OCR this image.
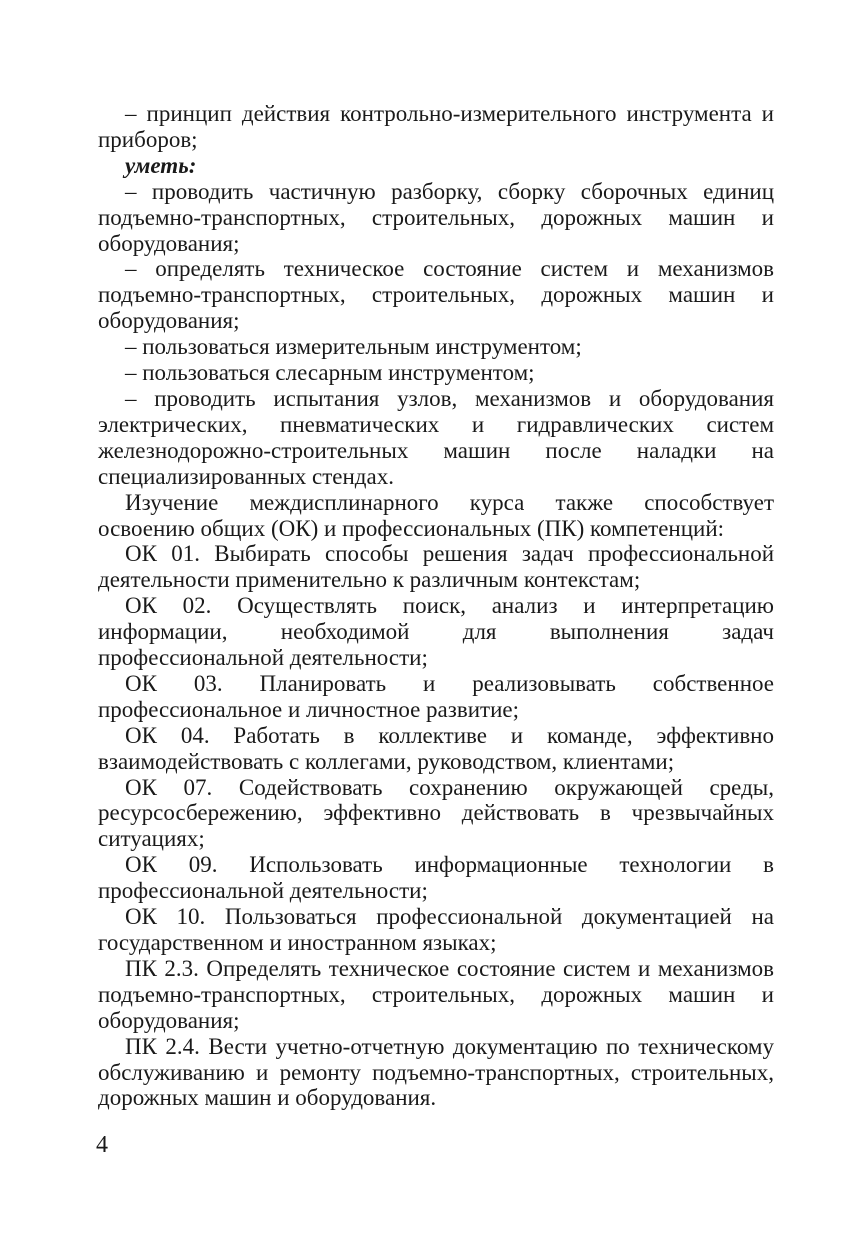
– принцип действия контрольно-измерительного инструмента и приборов;

уметь:

– проводить частичную разборку, сборку сборочных единиц подъемно-транспортных, строительных, дорожных машин и оборудования;

– определять техническое состояние систем и механизмов подъемно-транспортных, строительных, дорожных машин и оборудования;

– пользоваться измерительным инструментом;

– пользоваться слесарным инструментом;

– проводить испытания узлов, механизмов и оборудования электрических, пневматических и гидравлических систем железнодорожно-строительных машин после наладки на специализированных стендах.

Изучение междисплинарного курса также способствует освоению общих (ОК) и профессиональных (ПК) компетенций:

ОК 01. Выбирать способы решения задач профессиональной деятельности применительно к различным контекстам;

ОК 02. Осуществлять поиск, анализ и интерпретацию информации, необходимой для выполнения задач профессиональной деятельности;

ОК 03. Планировать и реализовывать собственное профессиональное и личностное развитие;

ОК 04. Работать в коллективе и команде, эффективно взаимодействовать с коллегами, руководством, клиентами;

ОК 07. Содействовать сохранению окружающей среды, ресурсосбережению, эффективно действовать в чрезвычайных ситуациях;

ОК 09. Использовать информационные технологии в профессиональной деятельности;

ОК 10. Пользоваться профессиональной документацией на государственном и иностранном языках;

ПК 2.3. Определять техническое состояние систем и механизмов подъемно-транспортных, строительных, дорожных машин и оборудования;

ПК 2.4. Вести учетно-отчетную документацию по техническому обслуживанию и ремонту подъемно-транспортных, строительных, дорожных машин и оборудования.

4
